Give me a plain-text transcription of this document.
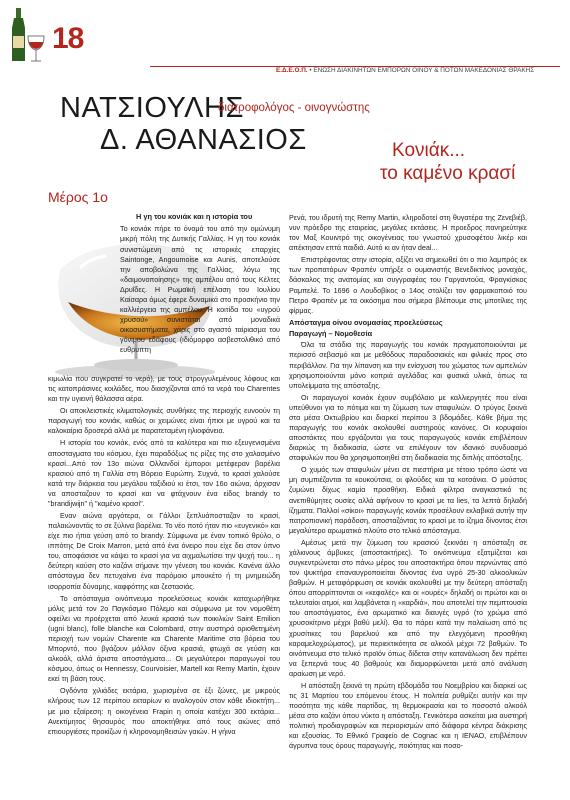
18
Ε.Δ.Ε.Ο.Π. • ΕΝΩΣΗ ΔΙΑΚΙΝΗΤΩΝ ΕΜΠΟΡΩΝ ΟΙΝΟΥ & ΠΟΤΩΝ ΜΑΚΕΔΟΝΙΑΣ ΘΡΑΚΗΣ
ΝΑΤΣΙΟΥΛΗΣ
διατροφολόγος - οινογνώστης
Δ. ΑΘΑΝΑΣΙΟΣ	Κονιάκ...
το καμένο κρασί
Μέρος 1ο
Η γη του κονιάκ και η ιστορία του
Το κονιάκ πήρε το όνομά του από την ομώνυμη μικρή πόλη της Δυτικής Γαλλίας. Η γη του κονιάκ συνιστώμενη από τις ιστορικές επαρχίες Saintonge, Angoumoise και Aunis, αποτελούσε την αποβολώνα της Γαλλίας, λόγω της «δαιμονοποίησης» της αμπέλου από τους Κέλτες Δρυΐδες. Η Ρωμαϊκή επέλαση του Ιουλίου Καίσαρα όμως έφερε δυναμικά στο προσκήνιο την καλλιέργεια της αμπέλου. Η κοιτίδα του «υγρού χρυσού» συνιστάται από μοναδικά οικοσυστήματα, χάρις στο αγαστό ταίριασμα του γόνιμου εδάφους (ιδιόμορφο ασβεστολιθικό από ευθρυπτη

κιμωλία που συγκρατεί το νερό), με τους στρογγυλεμένους λόφους και τις κατοπράσινες κοιλάδες, που διασχίζονται από τα νερά του Charentes και την υγιεινή θάλασσα αέρα.

Οι αποκλειστικές κλιματολογικές συνθήκες της περιοχής ευνοούν τη παραγωγή του κονιάκ, καθώς οι χειμώνες είναι ήπιοι με υγρού και τα καλοκαίρια δροσερά αλλά με παρατεταμένη ηλιοφάνεια.

Η ιστορία του κονιάκ, ενός από τα καλύτερα και πιο εξευγενισμένα αποσταγματα του κόσμου, έχει παραδόξως τις ρίζες της στο χαλασμένο κρασί...Από τον 13ο αιώνα Ολλανδοί έμποροι μετέφεραν βαρέλια κρασιού από τη Γαλλία στη Βόρειο Ευρώπη. Συχνά, το κρασί χαλούσε κατά την διάρκεια του μεγάλου ταξιδιού κι έτσι, τον 16ο αιώνα, άρχισαν να αποσταζουν το κρασί και να φτάχνουν ένα είδος brandy το "brandijwijn" ή "καμένο κρασί".

Εναν αιώνα αργότερα, οι Γάλλοι ξεπλυάποσταζαν το κρασί, παλαιώνοντάς το σε ξύλινα βαρέλια. Το νέο ποτό ήταν πιο «ευγενικό» και είχε πιο ήπια γεύση από το brandy. Σύμφωνα με έναν τοπικό θρύλο, ο ιππότης De Croix Marron, μετά από ένα όνειρο που είχε δει στον ύπνο του, αποφάσισε να κάψει το κρασί για να αιχμαλωτίσει την ψυχή του... η δεύτερη καύση στο καζάνι σήμανε την γένεση του κονιάκ. Κανένα άλλο απόσταγμα δεν πετυχαίνει ένα παρόμοιο μπουκέτο ή τη μνημειώδη ισορροπία δύναμης, καφφόττης και ζεστασιάς.

Το απόσταγμα οινόπνευμα προελεύσεως κονιάκ καταχωρήθηκε μόλις μετά τον 2ο Παγκόσμιο Πόλεμο και σύμφωνα με τον νομοθέτη οφείλει να προέρχεται από λευκά κρασιά των ποικιλιών Saint Emilion (ugni blanc), folle blanche και Colombard, στην αυστηρά οριοθετημένη περιοχή των νομών Charente και Charente Maritime στα βόρεια του Μπορντό, που βγάζουν μάλλον όξινα κρασιά, φτωχά σε γεύση και αλκοόλ, αλλά άριστα αποστάγματα... Οι μεγαλύτεροι παραγωγοί του κόσμου, όπως οι Hennessy, Courvoisier, Martell και Remy Martin, έχουν εκεί τη βάση τους.

Ογδόντα χιλιάδες εκτάρια, χωρισμένα σε έξι ζώνες, με μικρούς κλήρους των 12 περίπου εκταρίων κι αναλογούν στον κάθε ιδιοκτήτη... με μια εξαίρεση: η οικογένεια Frapin η οποία κατέχει 300 εκτάρια... Ανεκτίμητος θησαυρός που αποκτήθηκε από τους αιώνες από επιουργιέσες προκίζων ή κληρονομηθεισών γαιών. Η γήινα

Ρενά, του ιδρυτή της Remy Martin, κληροδοτεί στη θυγατέρα της Ζενεβιέβ, νυν πρόεδρο της εταιρείας, μεγάλες εκτάσεις. Η προεδρος πανηρεύτηκε τον Μαξ Κουιντρό της οικογένειας του γνωστού χρυσοφέτου λικέρ και απέκτησαν επτά παιδιά. Αυτό κι αν ήταν deal...

Επιστρέφοντας στην ιστορία, αξίζει να σημειωθεί ότι ο πιο λαμπρός εκ των προπατόρων Φραπέν υπήρξε ο ουμανιστής Βενεδικτίνος μοναχός, δάσκαλος της ανατομίας και συγγραφέας του Γαργαντούα, Φραγκίσκος Ραμπελέ. Το 1696 ο Λουδοβίκος ο 14ος στολίζει τον φαρμακοποιό του Πετρο Φραπέν με τα οικόσημα που σήμερα βλέπουμε στις μποτίλιες της φίρμας.

Απόσταγμα οίνου ονομασίας προελεύσεως
Παραγωγή – Νομοθεσία

Όλα τα στάδια της παραγωγής του κονιάκ πραγματοποιούνται με περισσό σεβασμό και με μεθόδους παραδοσιακές και φιλικές προς στο περιβάλλον. Για την λίπανση και την ενίσχυση του χώματος των αμπελιών χρησιμοποιούνται μόνο κοπριά αγελάδας και φυσικά υλικά, όπως τα υπολείμματα της απόσταξης.

Οι παραγωγοί κονιάκ έχουν συμβόλαιο με καλλιεργητές που είναι υπεύθυνοι για το πότιμα και τη ζύμωση των σταφυλιών. Ο τρύγος ξεκινά στα μέσα Οκτωβρίου και διαρκεί περίπου 3 βδομάδες. Κάθε βήμα της παραγωγής του κονιάκ ακολουθεί αυστηρούς κανόνες. Οι κορυφαίοι αποστάκτες που εργάζονται για τους παραγωγούς κονιάκ επιβλέπουν διαρκώς τη διαδικασία, ώστε να επιλέγουν τον ιδανικό συνδυασμό σταφυλιών που θα χρησιμοποιηθεί στη διαδικασία της διπλής απόσταξης.

Ο χυμός των σταφυλιών μένει σε πιεστήρια με τέτοιο τρόπο ώστε να μη συμπιέζονται τα κουκούτσια, οι φλούδες και τα κοτσάνια. Ο μούστος ζυμώνει δίχως καμία προσθήκη. Ειδικά φίλτρα αναγκαστικό τις ανεπιθύμητες ουσίες αλλά αφήνουν το κρασί με τα lies, τα λεπτά δηλαδή ίζηματα. Παλλοί «σίκοι» παραγωγής κονιάκ προσέλουν εκλαβικά αυτήν την πατροπιονική παράδοση, αποσταζόντας το κρασί με το ίζημα δίνοντας έτσι μεγαλύτερο αρωματικό πλούτο στο τελικό απόσταγμα.

Αμέσως μετά την ζύμωση του κρασιού ξεκινάει η απόσταξη σε χάλκινους άμβυκες (αποστακτήρες). Το οινόπνευμα εξατμίζεται και συγκεντρώνεται στο πάνω μέρος του αποστακτήρα όπου περνώντας από τον ψυκτήρα επαναυγροποιείται δίνοντας ένα υγρό 25-30 αλκοολικών βαθμών. Η μεταφόρφωση σε κονιάκ ακολουθεί με την δεύτερη απόσταξη όπου απορρίπτονται οι «κεφαλές» και οι «ουρές» δηλαδή οι πρώτοι και οι τελευταίοι ατμοί, και λαμβάνεται η «καρδιά», που αποτελεί την πεμπτουσία του αποστάγματος, ένα αρωματικό και διαυγές υγρό (το χρώμα από χρυσοκίτρινο μέχρι βαθύ μελί). Θα το πάρει κατά την παλαίωση από τις χρυσίτικες του βαρελιού και από την ελεγχόμενη προσθήκη καραμελοχρώματος), με περιεκτικότητα σε αλκοόλ μέχρι 72 βαθμών. Το οινόπνευμα στο τελικό προϊόν όπως δίδεται στην κατανάλωση δεν πρέπει να ξεπερνά τους 40 βαθμούς και διαμορφώνεται μετά από ανάλυση αραίωση με νερό.

Η απόσταξη ξεκινά τη πρώτη εβδομάδα του Νοεμβρίου και διαρκεί ως τις 31 Μαρτίου του επόμενου έτους. Η πολιτεία ρυθμίζει αυτήν και την ποσότητα της κάθε παρτίδας, τη θερμοκρασία και το ποσοστό αλκοόλ μέσα στο καζάνι όπου νύκτα η απόσταξη. Γενικότερα ασκείται μια αυστηρή πολιτική προδιαγραφών και περιορισμών από διάφορα κέντρα διάκρισης και εξουσίας. Το Εθνικό Γραφείο de Cognac και η ΙΕΝΑΟ, επιβλέπουν άγρυπνα τους όρους παραγωγής, ποιότητας και ποσο-
